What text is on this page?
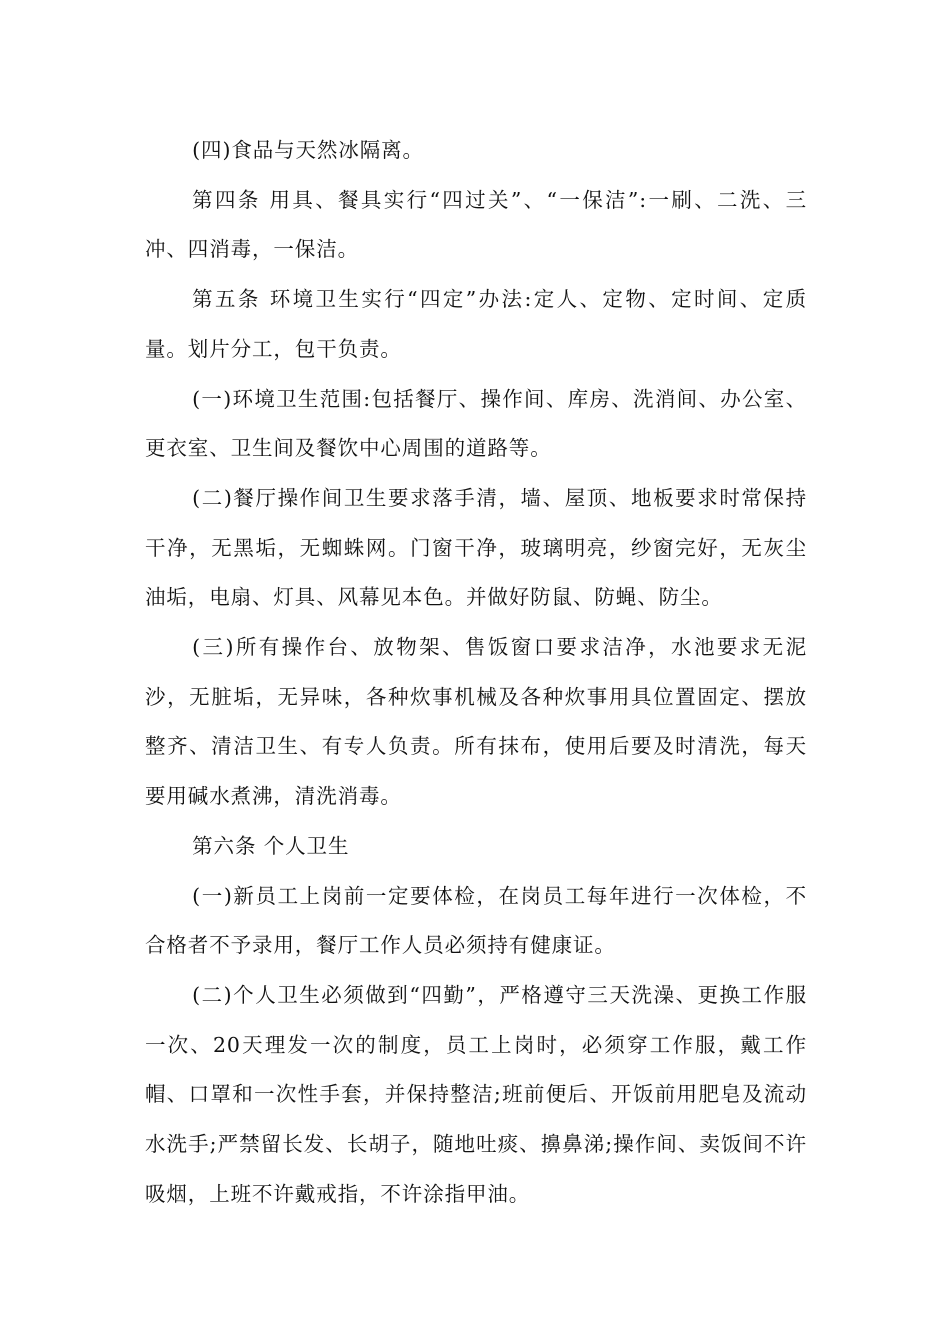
(四)食品与天然冰隔离。

第四条 用具、餐具实行“四过关”、“一保洁”:一刷、二洗、三冲、四消毒，一保洁。

第五条 环境卫生实行“四定”办法:定人、定物、定时间、定质量。划片分工，包干负责。

(一)环境卫生范围:包括餐厅、操作间、库房、洗消间、办公室、更衣室、卫生间及餐饮中心周围的道路等。

(二)餐厅操作间卫生要求落手清，墙、屋顶、地板要求时常保持干净，无黑垢，无蜘蛛网。门窗干净，玻璃明亮，纱窗完好，无灰尘油垢，电扇、灯具、风幕见本色。并做好防鼠、防蝇、防尘。

(三)所有操作台、放物架、售饭窗口要求洁净，水池要求无泥沙，无脏垢，无异味，各种炊事机械及各种炊事用具位置固定、摆放整齐、清洁卫生、有专人负责。所有抹布，使用后要及时清洗，每天要用碱水煮沸，清洗消毒。

第六条 个人卫生

(一)新员工上岗前一定要体检，在岗员工每年进行一次体检，不合格者不予录用，餐厅工作人员必须持有健康证。

(二)个人卫生必须做到“四勤”，严格遵守三天洗澡、更换工作服一次、20天理发一次的制度，员工上岗时，必须穿工作服，戴工作帽、口罩和一次性手套，并保持整洁;班前便后、开饭前用肥皂及流动水洗手;严禁留长发、长胡子，随地吐痰、擤鼻涕;操作间、卖饭间不许吸烟，上班不许戴戒指，不许涂指甲油。
